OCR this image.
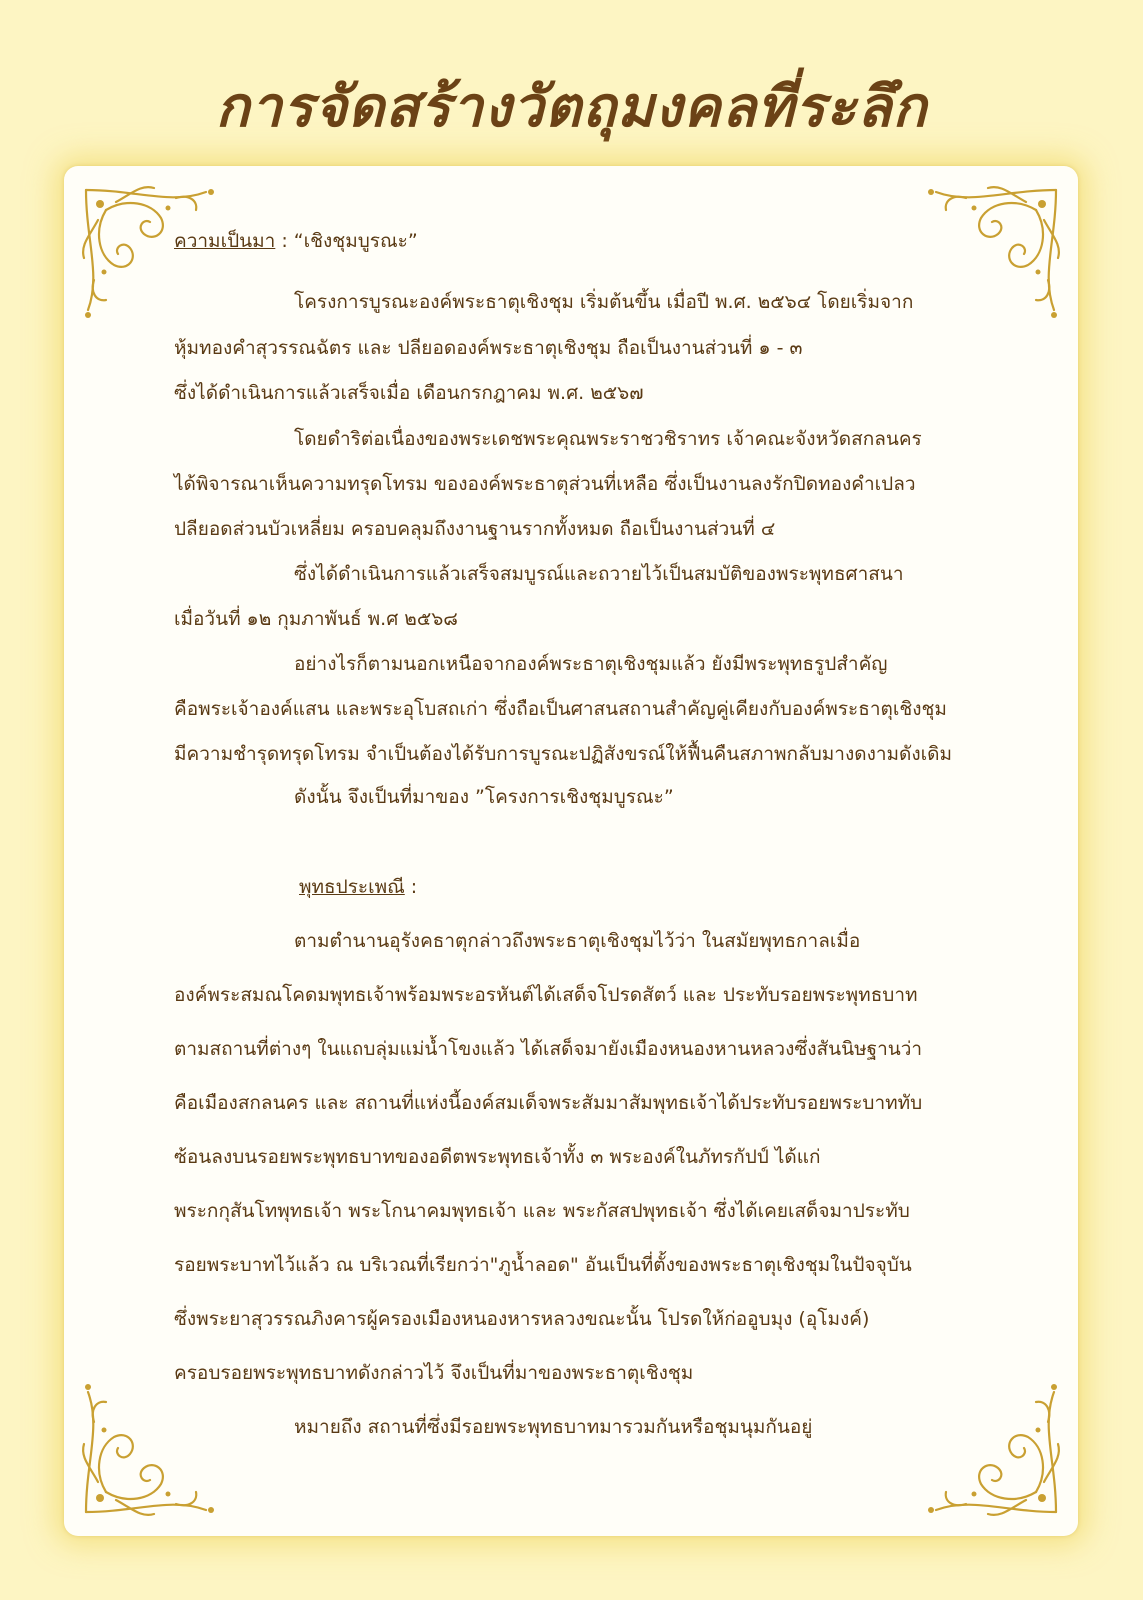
การจัดสร้างวัตถุมงคลที่ระลึก
ความเป็นมา : “เชิงชุมบูรณะ”
โครงการบูรณะองค์พระธาตุเชิงชุม เริ่มต้นขึ้น เมื่อปี พ.ศ. ๒๕๖๔ โดยเริ่มจาก
หุ้มทองคำสุวรรณฉัตร และ ปลียอดองค์พระธาตุเชิงชุม ถือเป็นงานส่วนที่ ๑ - ๓
ซึ่งได้ดำเนินการแล้วเสร็จเมื่อ เดือนกรกฎาคม พ.ศ. ๒๕๖๗
โดยดำริต่อเนื่องของพระเดชพระคุณพระราชวชิราทร เจ้าคณะจังหวัดสกลนคร
ได้พิจารณาเห็นความทรุดโทรม ขององค์พระธาตุส่วนที่เหลือ ซึ่งเป็นงานลงรักปิดทองคำเปลว
ปลียอดส่วนบัวเหลี่ยม ครอบคลุมถึงงานฐานรากทั้งหมด ถือเป็นงานส่วนที่ ๔
ซึ่งได้ดำเนินการแล้วเสร็จสมบูรณ์และถวายไว้เป็นสมบัติของพระพุทธศาสนา
เมื่อวันที่ ๑๒ กุมภาพันธ์ พ.ศ ๒๕๖๘
อย่างไรก็ตามนอกเหนือจากองค์พระธาตุเชิงชุมแล้ว ยังมีพระพุทธรูปสำคัญ
คือพระเจ้าองค์แสน และพระอุโบสถเก่า ซึ่งถือเป็นศาสนสถานสำคัญคู่เคียงกับองค์พระธาตุเชิงชุม
มีความชำรุดทรุดโทรม จำเป็นต้องได้รับการบูรณะปฏิสังขรณ์ให้ฟื้นคืนสภาพกลับมางดงามดังเดิม
ดังนั้น จึงเป็นที่มาของ ”โครงการเชิงชุมบูรณะ”
พุทธประเพณี :
ตามตำนานอุรังคธาตุกล่าวถึงพระธาตุเชิงชุมไว้ว่า ในสมัยพุทธกาลเมื่อ
องค์พระสมณโคดมพุทธเจ้าพร้อมพระอรหันต์ได้เสด็จโปรดสัตว์ และ ประทับรอยพระพุทธบาท
ตามสถานที่ต่างๆ ในแถบลุ่มแม่น้ำโขงแล้ว ได้เสด็จมายังเมืองหนองหานหลวงซึ่งสันนิษฐานว่า
คือเมืองสกลนคร และ สถานที่แห่งนี้องค์สมเด็จพระสัมมาสัมพุทธเจ้าได้ประทับรอยพระบาททับ
ซ้อนลงบนรอยพระพุทธบาทของอดีตพระพุทธเจ้าทั้ง ๓ พระองค์ในภัทรกัปป์ ได้แก่
พระกกุสันโทพุทธเจ้า พระโกนาคมพุทธเจ้า และ พระกัสสปพุทธเจ้า ซึ่งได้เคยเสด็จมาประทับ
รอยพระบาทไว้แล้ว ณ บริเวณที่เรียกว่า"ภูน้ำลอด" อันเป็นที่ตั้งของพระธาตุเชิงชุมในปัจจุบัน
ซึ่งพระยาสุวรรณภิงคารผู้ครองเมืองหนองหารหลวงขณะนั้น โปรดให้ก่ออูบมุง (อุโมงค์)
ครอบรอยพระพุทธบาทดังกล่าวไว้ จึงเป็นที่มาของพระธาตุเชิงชุม
หมายถึง สถานที่ซึ่งมีรอยพระพุทธบาทมารวมกันหรือชุมนุมกันอยู่
